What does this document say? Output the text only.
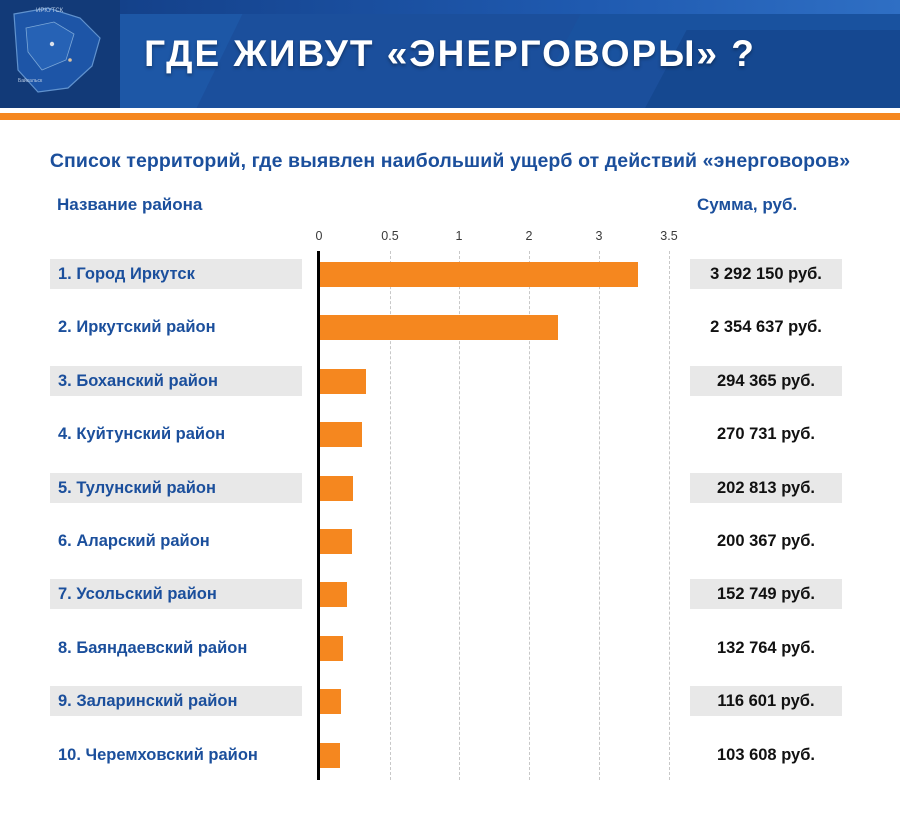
ИРКУТСК
Байкальск
ГДЕ ЖИВУТ «ЭНЕРГОВОРЫ» ?
Список территорий, где выявлен наибольший ущерб от действий «энерговоров»
Название района	Сумма, руб.
0	0.5	1	2	3	3.5
1. Город Иркутск	3 292 150 руб.
2. Иркутский район	2 354 637 руб.
3. Боханский район	294 365 руб.
4. Куйтунский район	270 731 руб.
5. Тулунский район	202 813 руб.
6. Аларский район	200 367 руб.
7. Усольский район	152 749 руб.
8. Баяндаевский район	132 764 руб.
9. Заларинский район	116 601 руб.
10. Черемховский район	103 608 руб.
